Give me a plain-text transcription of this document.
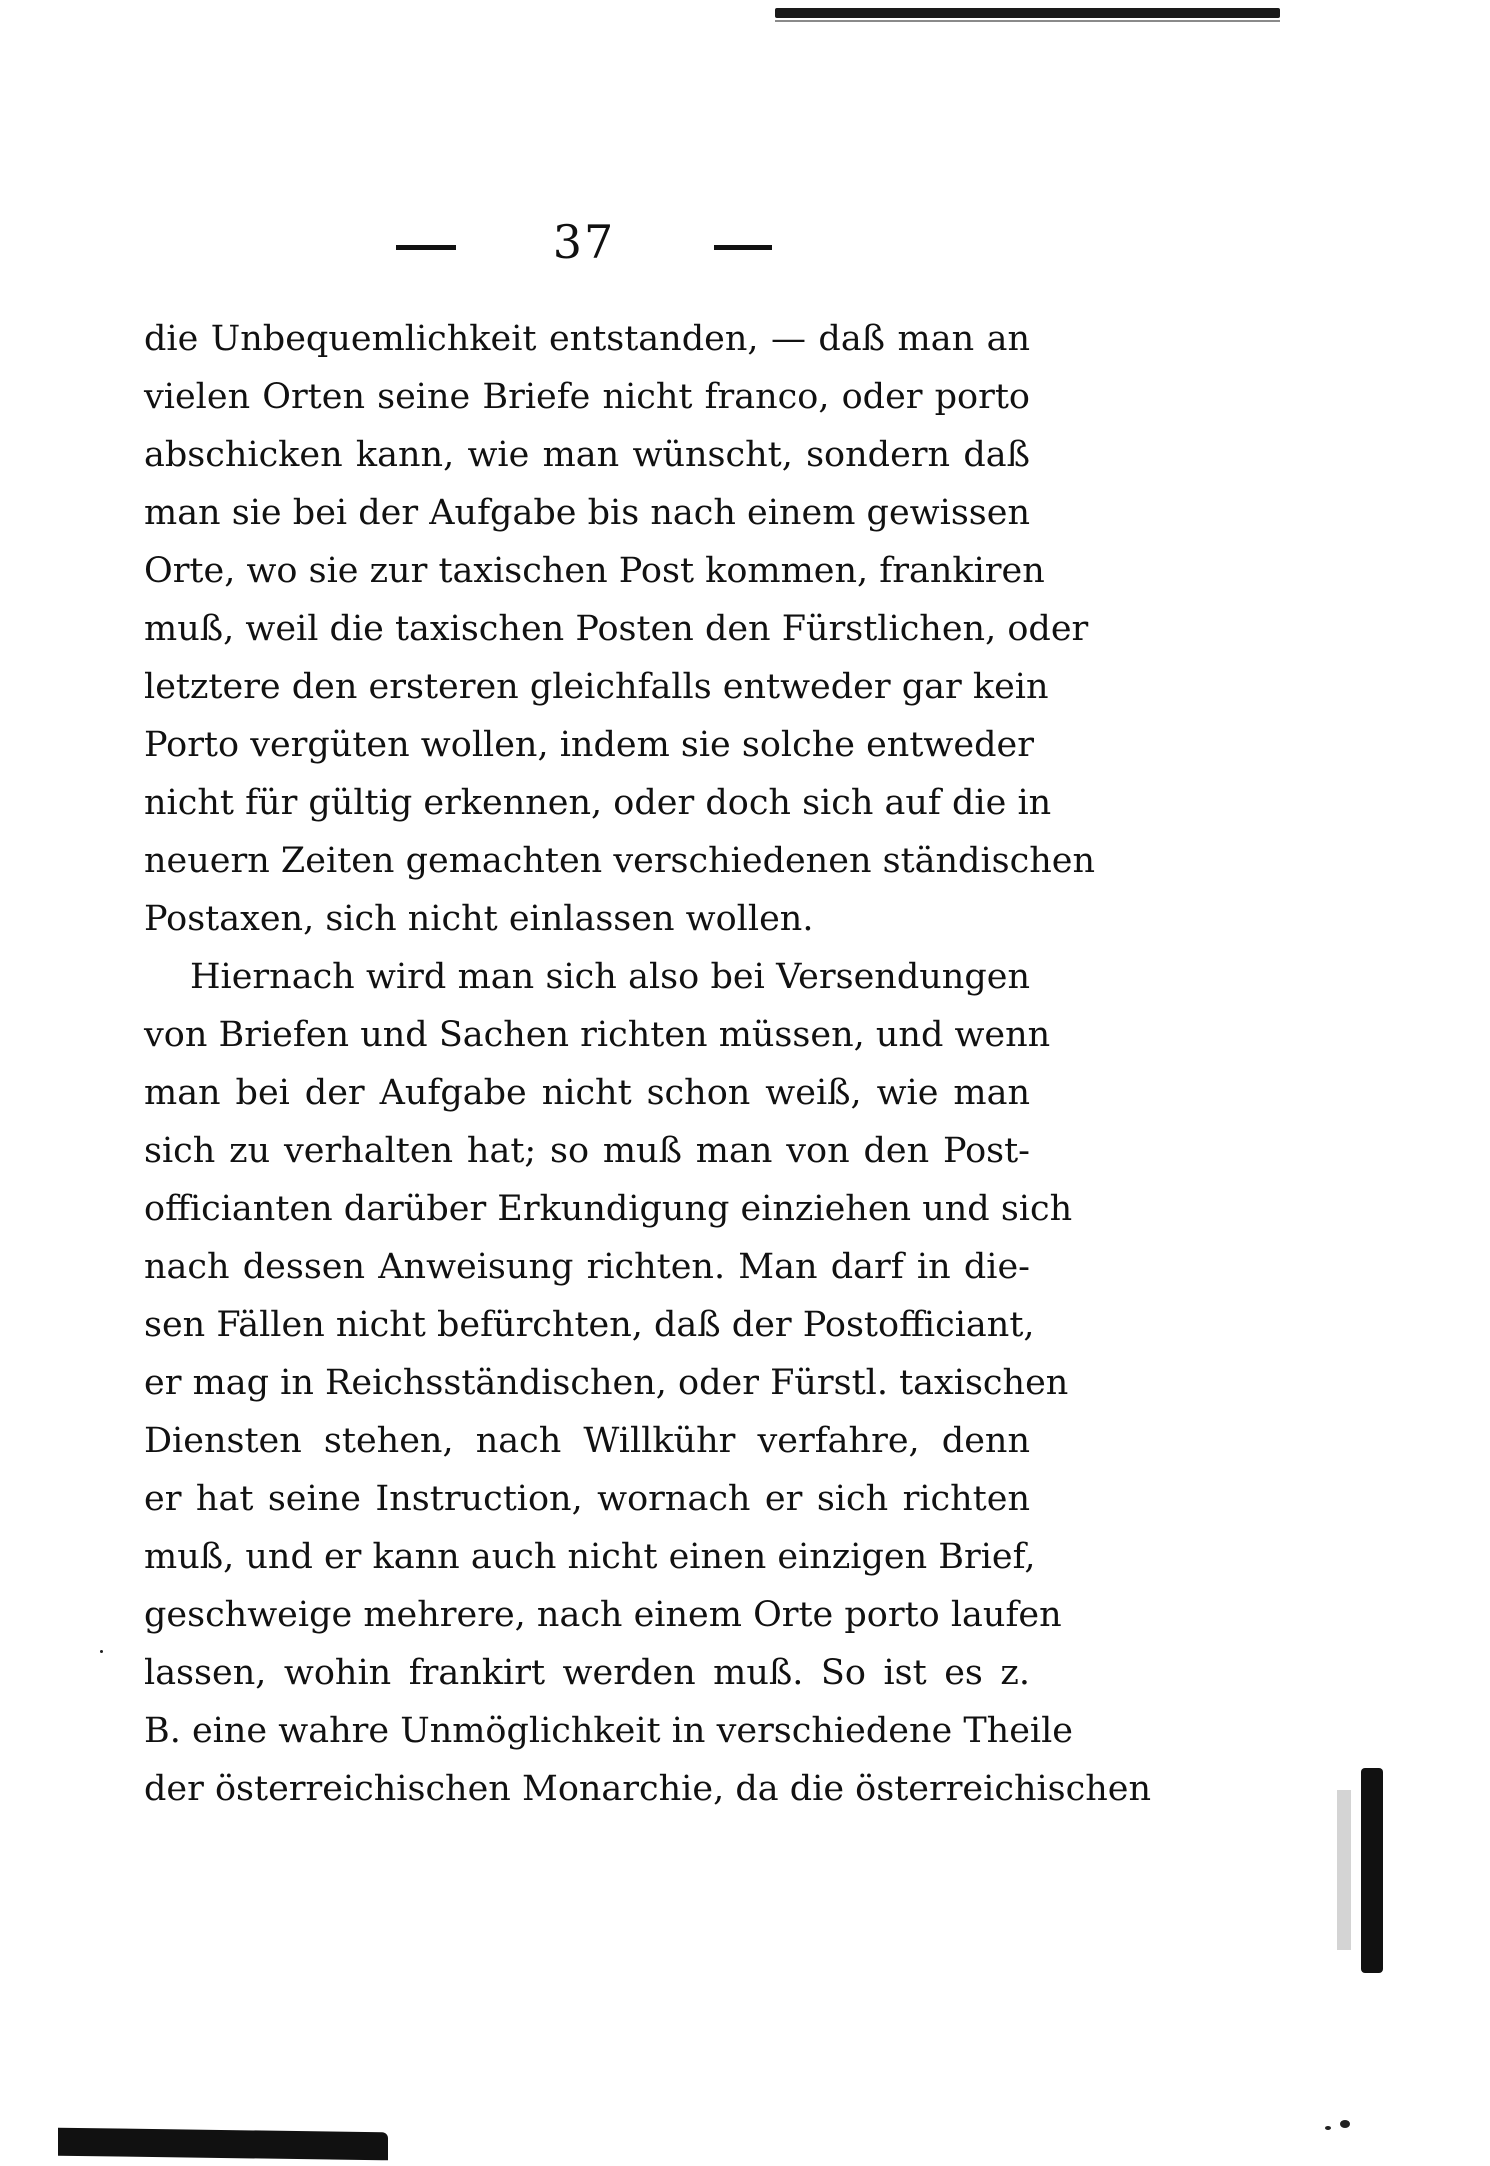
37
die Unbequemlichkeit entstanden, — daß man an
vielen Orten seine Briefe nicht franco, oder porto
abschicken kann, wie man wünscht, sondern daß
man sie bei der Aufgabe bis nach einem gewissen
Orte, wo sie zur taxischen Post kommen, frankiren
muß, weil die taxischen Posten den Fürstlichen, oder
letztere den ersteren gleichfalls entweder gar kein
Porto vergüten wollen, indem sie solche entweder
nicht für gültig erkennen, oder doch sich auf die in
neuern Zeiten gemachten verschiedenen ständischen
Postaxen, sich nicht einlassen wollen.
Hiernach wird man sich also bei Versendungen
von Briefen und Sachen richten müssen, und wenn
man bei der Aufgabe nicht schon weiß, wie man
sich zu verhalten hat; so muß man von den Post-
officianten darüber Erkundigung einziehen und sich
nach dessen Anweisung richten. Man darf in die-
sen Fällen nicht befürchten, daß der Postofficiant,
er mag in Reichsständischen, oder Fürstl. taxischen
Diensten stehen, nach Willkühr verfahre, denn
er hat seine Instruction, wornach er sich richten
muß, und er kann auch nicht einen einzigen Brief,
geschweige mehrere, nach einem Orte porto laufen
lassen, wohin frankirt werden muß. So ist es z.
B. eine wahre Unmöglichkeit in verschiedene Theile
der österreichischen Monarchie, da die österreichischen
